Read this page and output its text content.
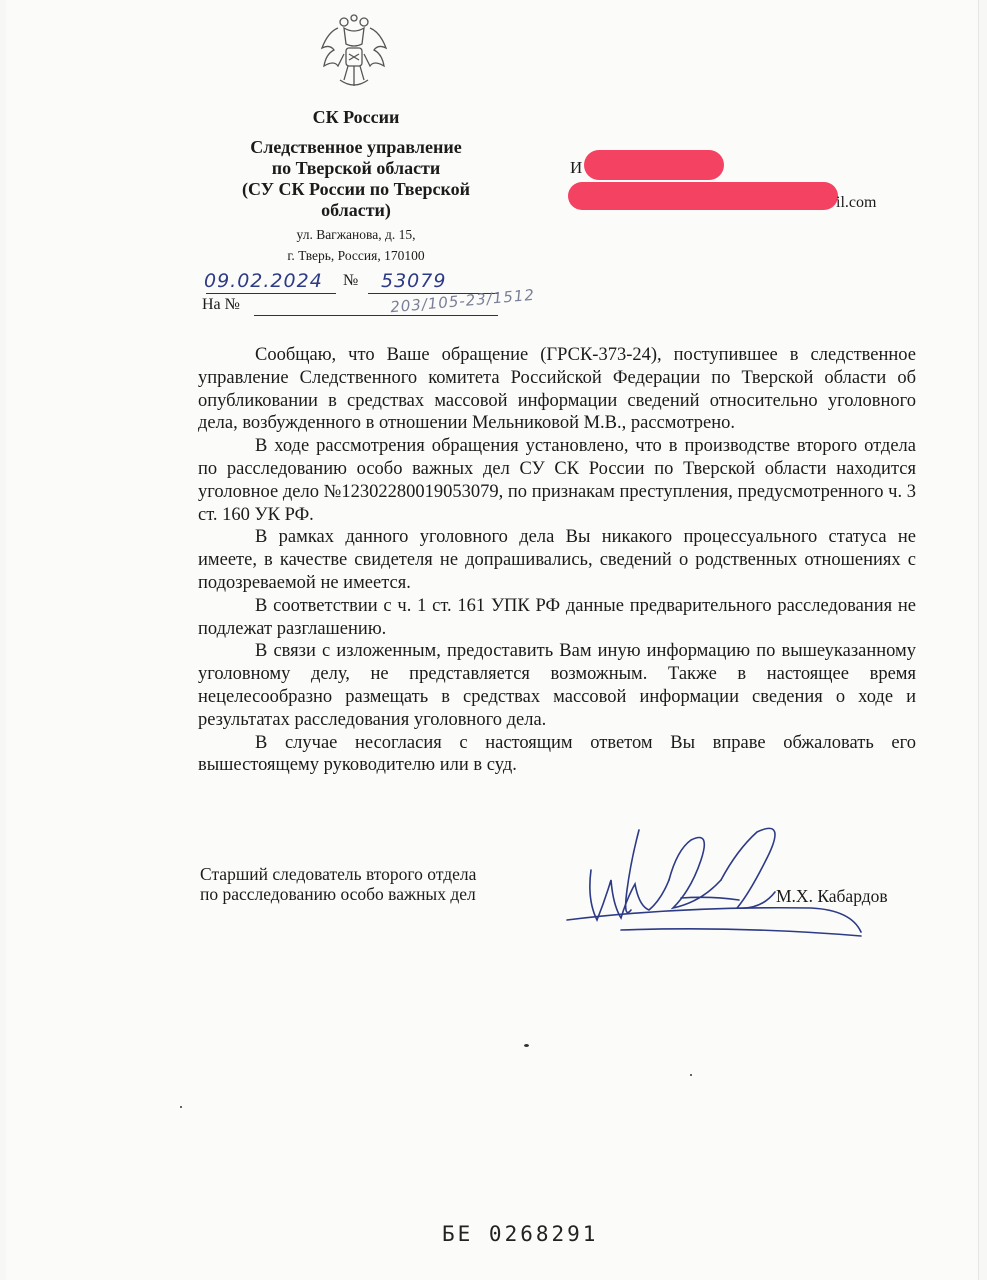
СК России

Следственное управление
по Тверской области
(СУ СК России по Тверской
области)

ул. Вагжанова, д. 15,
г. Тверь, Россия, 170100
09.02.2024 № 53079
На №	203/105-23/1512
И
il.com

Сообщаю, что Ваше обращение (ГРСК-373-24), поступившее в следственное управление Следственного комитета Российской Федерации по Тверской области об опубликовании в средствах массовой информации сведений относительно уголовного дела, возбужденного в отношении Мельниковой М.В., рассмотрено.

В ходе рассмотрения обращения установлено, что в производстве второго отдела по расследованию особо важных дел СУ СК России по Тверской области находится уголовное дело №12302280019053079, по признакам преступления, предусмотренного ч. 3 ст. 160 УК РФ.

В рамках данного уголовного дела Вы никакого процессуального статуса не имеете, в качестве свидетеля не допрашивались, сведений о родственных отношениях с подозреваемой не имеется.

В соответствии с ч. 1 ст. 161 УПК РФ данные предварительного расследования не подлежат разглашению.

В связи с изложенным, предоставить Вам иную информацию по вышеуказанному уголовному делу, не представляется возможным. Также в настоящее время нецелесообразно размещать в средствах массовой информации сведения о ходе и результатах расследования уголовного дела.

В случае несогласия с настоящим ответом Вы вправе обжаловать его вышестоящему руководителю или в суд.

Старший следователь второго отдела
по расследованию особо важных дел	М.Х. Кабардов
БЕ 0268291
